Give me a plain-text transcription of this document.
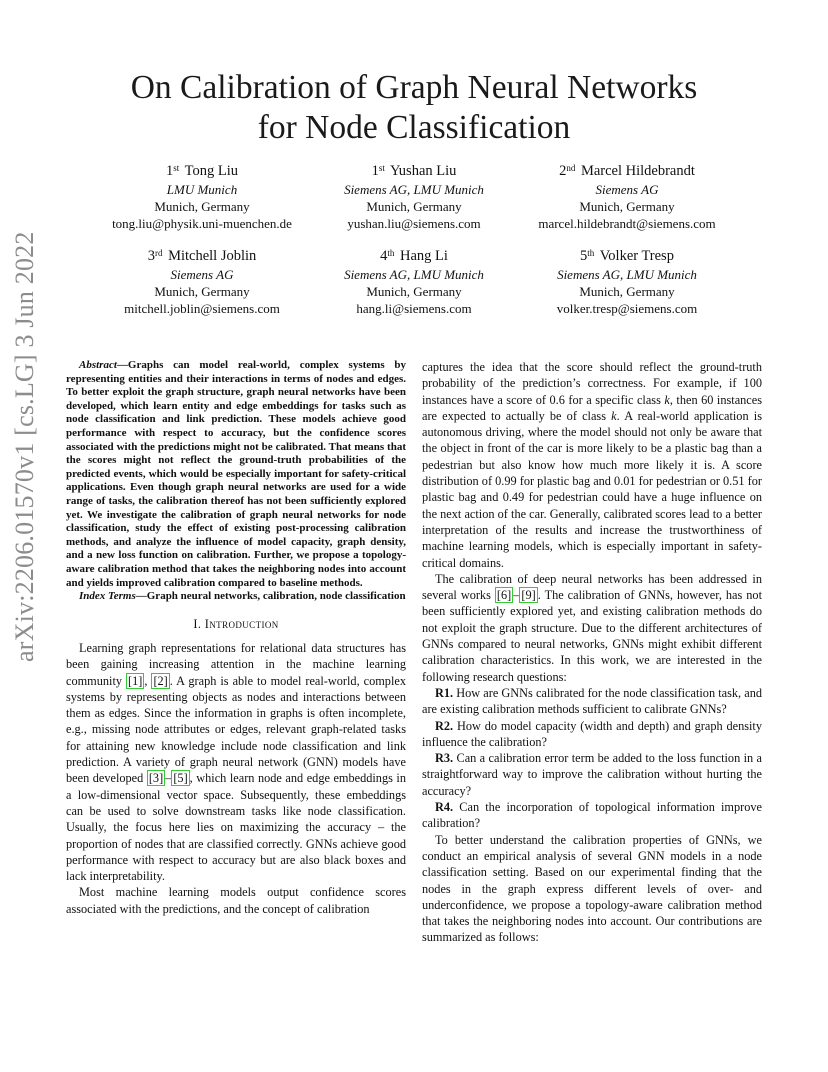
arXiv:2206.01570v1 [cs.LG] 3 Jun 2022
On Calibration of Graph Neural Networks
for Node Classification
1st Tong Liu
LMU Munich
Munich, Germany
tong.liu@physik.uni-muenchen.de
1st Yushan Liu
Siemens AG, LMU Munich
Munich, Germany
yushan.liu@siemens.com
2nd Marcel Hildebrandt
Siemens AG
Munich, Germany
marcel.hildebrandt@siemens.com
3rd Mitchell Joblin
Siemens AG
Munich, Germany
mitchell.joblin@siemens.com
4th Hang Li
Siemens AG, LMU Munich
Munich, Germany
hang.li@siemens.com
5th Volker Tresp
Siemens AG, LMU Munich
Munich, Germany
volker.tresp@siemens.com

Abstract—Graphs can model real-world, complex systems by representing entities and their interactions in terms of nodes and edges. To better exploit the graph structure, graph neural networks have been developed, which learn entity and edge embeddings for tasks such as node classification and link prediction. These models achieve good performance with respect to accuracy, but the confidence scores associated with the predictions might not be calibrated. That means that the scores might not reflect the ground-truth probabilities of the predicted events, which would be especially important for safety-critical applications. Even though graph neural networks are used for a wide range of tasks, the calibration thereof has not been sufficiently explored yet. We investigate the calibration of graph neural networks for node classification, study the effect of existing post-processing calibration methods, and analyze the influence of model capacity, graph density, and a new loss function on calibration. Further, we propose a topology-aware calibration method that takes the neighboring nodes into account and yields improved calibration compared to baseline methods.

Index Terms—Graph neural networks, calibration, node classification

I. Introduction

Learning graph representations for relational data structures has been gaining increasing attention in the machine learning community [1] , [2] . A graph is able to model real-world, complex systems by representing objects as nodes and interactions between them as edges. Since the information in graphs is often incomplete, e.g., missing node attributes or edges, relevant graph-related tasks for attaining new knowledge include node classification and link prediction. A variety of graph neural network (GNN) models have been developed [3] – [5] , which learn node and edge embeddings in a low-dimensional vector space. Subsequently, these embeddings can be used to solve downstream tasks like node classification. Usually, the focus here lies on maximizing the accuracy – the proportion of nodes that are classified correctly. GNNs achieve good performance with respect to accuracy but are also black boxes and lack interpretability.

Most machine learning models output confidence scores associated with the predictions, and the concept of calibration

captures the idea that the score should reflect the ground-truth probability of the prediction’s correctness. For example, if 100 instances have a score of 0.6 for a specific class k, then 60 instances are expected to actually be of class k. A real-world application is autonomous driving, where the model should not only be aware that the object in front of the car is more likely to be a plastic bag than a pedestrian but also know how much more likely it is. A score distribution of 0.99 for plastic bag and 0.01 for pedestrian or 0.51 for plastic bag and 0.49 for pedestrian could have a huge influence on the next action of the car. Generally, calibrated scores lead to a better interpretation of the results and increase the trustworthiness of machine learning models, which is especially important in safety-critical domains.

The calibration of deep neural networks has been addressed in several works [6] – [9] . The calibration of GNNs, however, has not been sufficiently explored yet, and existing calibration methods do not exploit the graph structure. Due to the different architectures of GNNs compared to neural networks, GNNs might exhibit different calibration characteristics. In this work, we are interested in the following research questions:

R1. How are GNNs calibrated for the node classification task, and are existing calibration methods sufficient to calibrate GNNs?

R2. How do model capacity (width and depth) and graph density influence the calibration?

R3. Can a calibration error term be added to the loss function in a straightforward way to improve the calibration without hurting the accuracy?

R4. Can the incorporation of topological information improve calibration?

To better understand the calibration properties of GNNs, we conduct an empirical analysis of several GNN models in a node classification setting. Based on our experimental finding that the nodes in the graph express different levels of over- and underconfidence, we propose a topology-aware calibration method that takes the neighboring nodes into account. Our contributions are summarized as follows:
